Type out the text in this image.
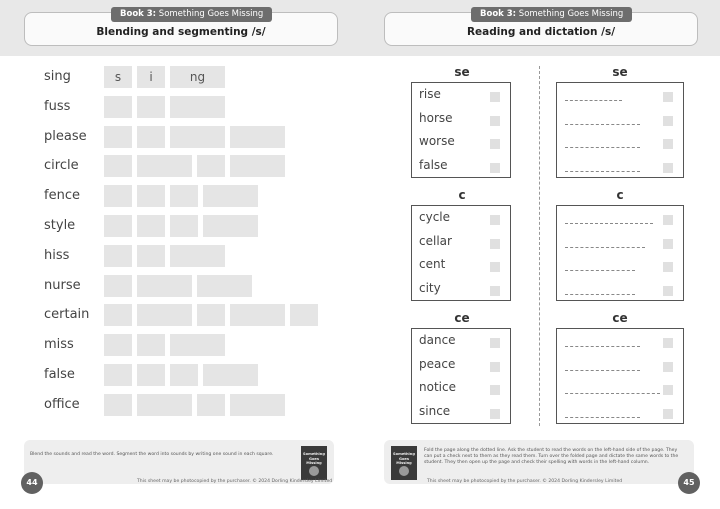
Book 3: Something Goes Missing
Blending and segmenting /s/
sing	s	i	ng
fuss
please
circle
fence
style
hiss
nurse
certain
miss
false
office
Blend the sounds and read the word. Segment the word into sounds by writing one sound in each square.	Something Goes Missing
44	This sheet may be photocopied by the purchaser. © 2024 Dorling Kindersley Limited
Book 3: Something Goes Missing
Reading and dictation /s/
se	se
rise
horse
worse
false
c	c
cycle
cellar
cent
city
ce	ce
dance
peace
notice
since
Something Goes Missing
Fold the page along the dotted line. Ask the student to read the words on the left-hand side of the page. They can put a check next to them as they read them. Turn over the folded page and dictate the same words to the student. They then open up the page and check their spelling with words in the left-hand column.
This sheet may be photocopied by the purchaser. © 2024 Dorling Kindersley Limited	45
